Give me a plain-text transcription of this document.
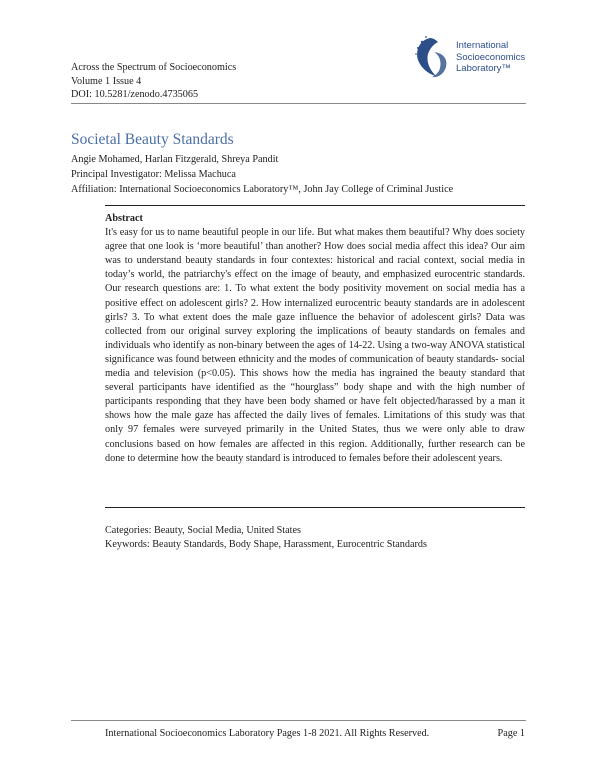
Across the Spectrum of Socioeconomics
Volume 1 Issue 4
DOI: 10.5281/zenodo.4735065
International
Socioeconomics
Laboratory™
Societal Beauty Standards
Angie Mohamed, Harlan Fitzgerald, Shreya Pandit
Principal Investigator: Melissa Machuca
Affiliation: International Socioeconomics Laboratory™, John Jay College of Criminal Justice
Abstract

It's easy for us to name beautiful people in our life. But what makes them beautiful? Why does society agree that one look is ‘more beautiful’ than another? How does social media affect this idea? Our aim was to understand beauty standards in four contextes: historical and racial context, social media in today’s world, the patriarchy's effect on the image of beauty, and emphasized eurocentric standards. Our research questions are: 1. To what extent the body positivity movement on social media has a positive effect on adolescent girls? 2. How internalized eurocentric beauty standards are in adolescent girls? 3. To what extent does the male gaze influence the behavior of adolescent girls? Data was collected from our original survey exploring the implications of beauty standards on females and individuals who identify as non-binary between the ages of 14-22. Using a two-way ANOVA statistical significance was found between ethnicity and the modes of communication of beauty standards- social media and television (p<0.05). This shows how the media has ingrained the beauty standard that several participants have identified as the “hourglass” body shape and with the high number of participants responding that they have been body shamed or have felt objected/harassed by a man it shows how the male gaze has affected the daily lives of females. Limitations of this study was that only 97 females were surveyed primarily in the United States, thus we were only able to draw conclusions based on how females are affected in this region. Additionally, further research can be done to determine how the beauty standard is introduced to females before their adolescent years.

Categories: Beauty, Social Media, United States
Keywords: Beauty Standards, Body Shape, Harassment, Eurocentric Standards
International Socioeconomics Laboratory Pages 1-8 2021. All Rights Reserved.	Page 1
